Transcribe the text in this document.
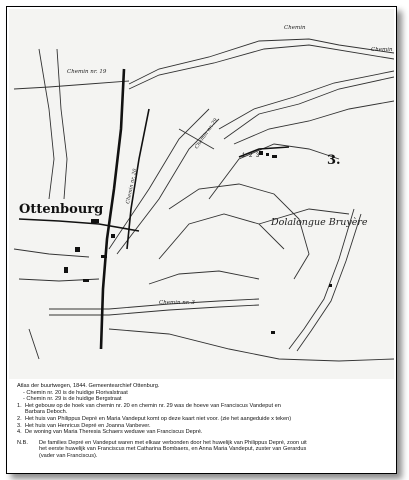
Ottenbourg
Dolalongue Bruyère
3.
1 2 3
Chemin nr. 19
Chemin
Chemin
Chemin nr. 3
Chemin nr. 20
Chemin nr. 29
Atlas der buurtwegen, 1844. Gemeentearchief Ottenburg.
- Chemin nr. 20 is de huidige Florivalstraat
- Chemin nr. 29 is de huidige Bergstraat
1. Het gebouw op de hoek van chemin nr. 20 en chemin nr. 29 was de hoeve van Franciscus Vandeput en
Barbara Deboch.
2. Het huis van Philippus Depré en Maria Vandeput komt op deze kaart niet voor. (zie het aangeduide x teken)
3. Het huis van Henricus Depré en Joanna Vanbever.
4. De woning van Maria Theresia Schaers weduwe van Franciscus Depré.
N.B.	De families Depré en Vandeput waren met elkaar verbonden door het huwelijk van Philippus Depré, zoon uit
het eerste huwelijk van Franciscus met Catharina Bombaers, en Anna Maria Vandeput, zuster van Gerardus
(vader van Franciscus).
